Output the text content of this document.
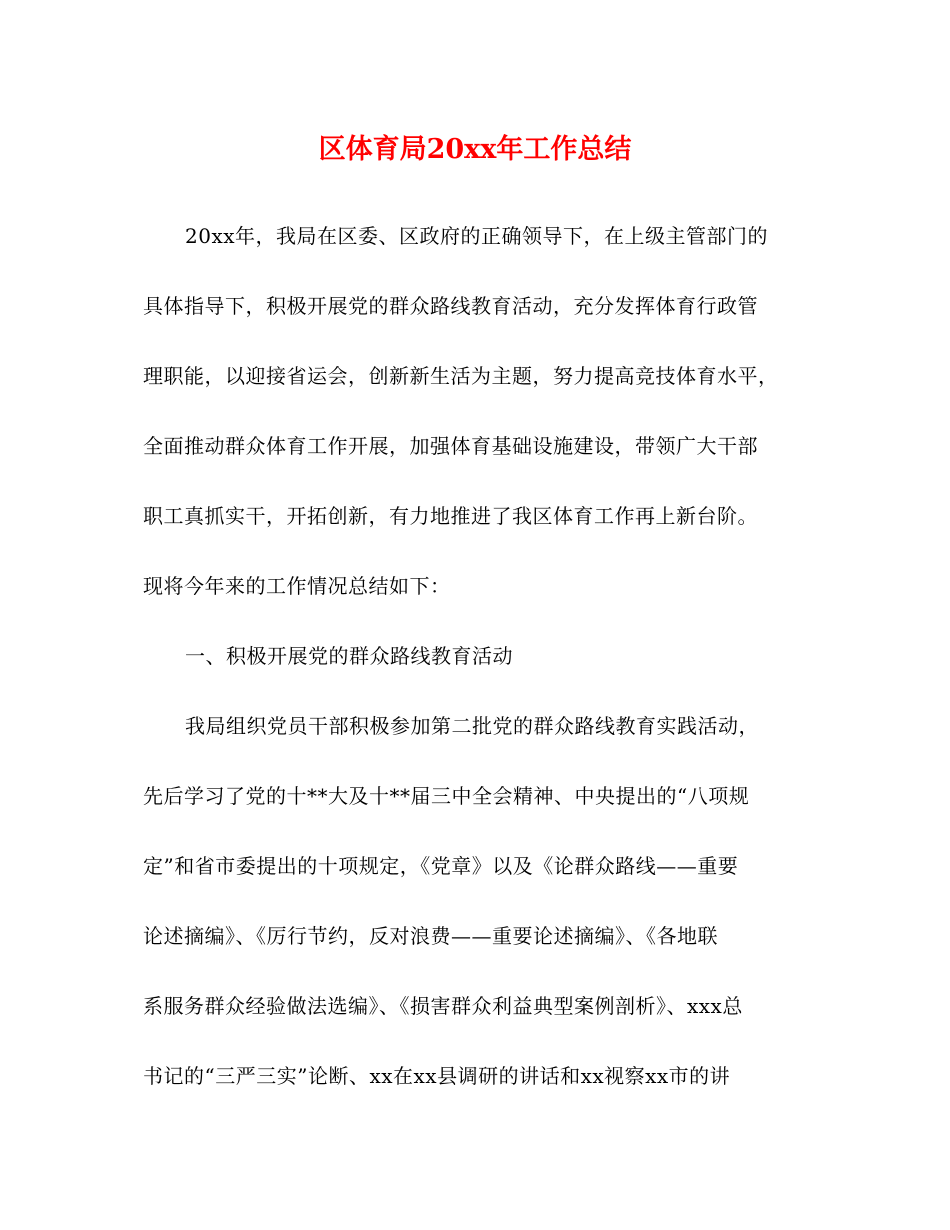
区体育局20xx年工作总结
20xx年，我局在区委、区政府的正确领导下，在上级主管部门的
具体指导下，积极开展党的群众路线教育活动，充分发挥体育行政管
理职能，以迎接省运会，创新新生活为主题，努力提高竞技体育水平，
全面推动群众体育工作开展，加强体育基础设施建设，带领广大干部
职工真抓实干，开拓创新，有力地推进了我区体育工作再上新台阶。
现将今年来的工作情况总结如下：
一、积极开展党的群众路线教育活动
我局组织党员干部积极参加第二批党的群众路线教育实践活动，
先后学习了党的十**大及十**届三中全会精神、中央提出的“八项规
定”和省市委提出的十项规定，《党章》以及《论群众路线——重要
论述摘编》、《厉行节约，反对浪费——重要论述摘编》、《各地联
系服务群众经验做法选编》、《损害群众利益典型案例剖析》、xxx总
书记的“三严三实”论断、xx在xx县调研的讲话和xx视察xx市的讲
